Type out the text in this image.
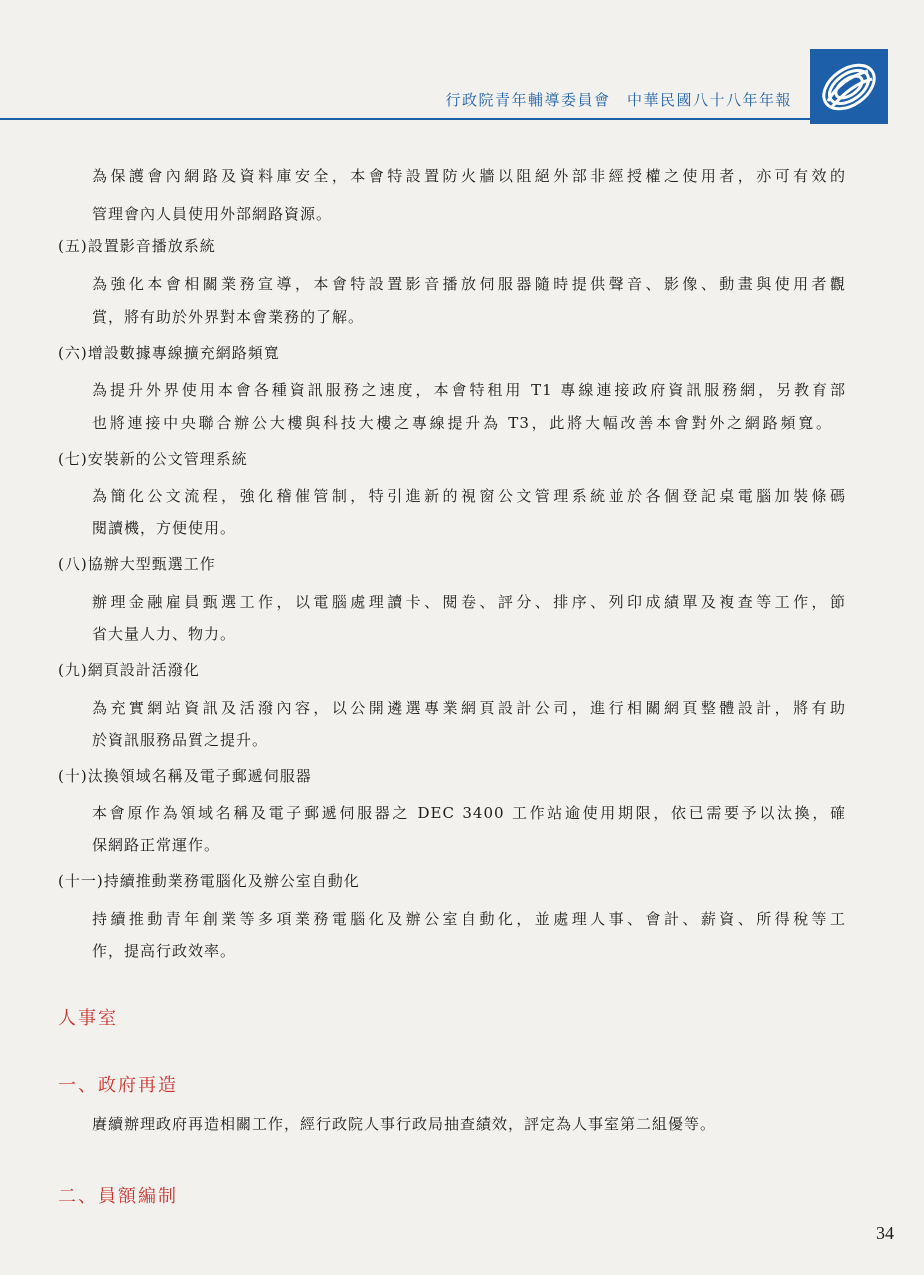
行政院青年輔導委員會　中華民國八十八年年報
為保護會內網路及資料庫安全，本會特設置防火牆以阻絕外部非經授權之使用者，亦可有效的
管理會內人員使用外部網路資源。
(五)設置影音播放系統
為強化本會相關業務宣導，本會特設置影音播放伺服器隨時提供聲音、影像、動畫與使用者觀
賞，將有助於外界對本會業務的了解。
(六)增設數據專線擴充網路頻寬
為提升外界使用本會各種資訊服務之速度，本會特租用 T1 專線連接政府資訊服務網，另教育部
也將連接中央聯合辦公大樓與科技大樓之專線提升為 T3，此將大幅改善本會對外之網路頻寬。
(七)安裝新的公文管理系統
為簡化公文流程，強化稽催管制，特引進新的視窗公文管理系統並於各個登記桌電腦加裝條碼
閱讀機，方便使用。
(八)協辦大型甄選工作
辦理金融雇員甄選工作，以電腦處理讀卡、閱卷、評分、排序、列印成績單及複查等工作，節
省大量人力、物力。
(九)網頁設計活潑化
為充實網站資訊及活潑內容，以公開遴選專業網頁設計公司，進行相關網頁整體設計，將有助
於資訊服務品質之提升。
(十)汰換領域名稱及電子郵遞伺服器
本會原作為領域名稱及電子郵遞伺服器之 DEC 3400 工作站逾使用期限，依已需要予以汰換，確
保網路正常運作。
(十一)持續推動業務電腦化及辦公室自動化
持續推動青年創業等多項業務電腦化及辦公室自動化，並處理人事、會計、薪資、所得稅等工
作，提高行政效率。
人事室
一、政府再造
賡續辦理政府再造相關工作，經行政院人事行政局抽查績效，評定為人事室第二組優等。
二、員額編制
34
